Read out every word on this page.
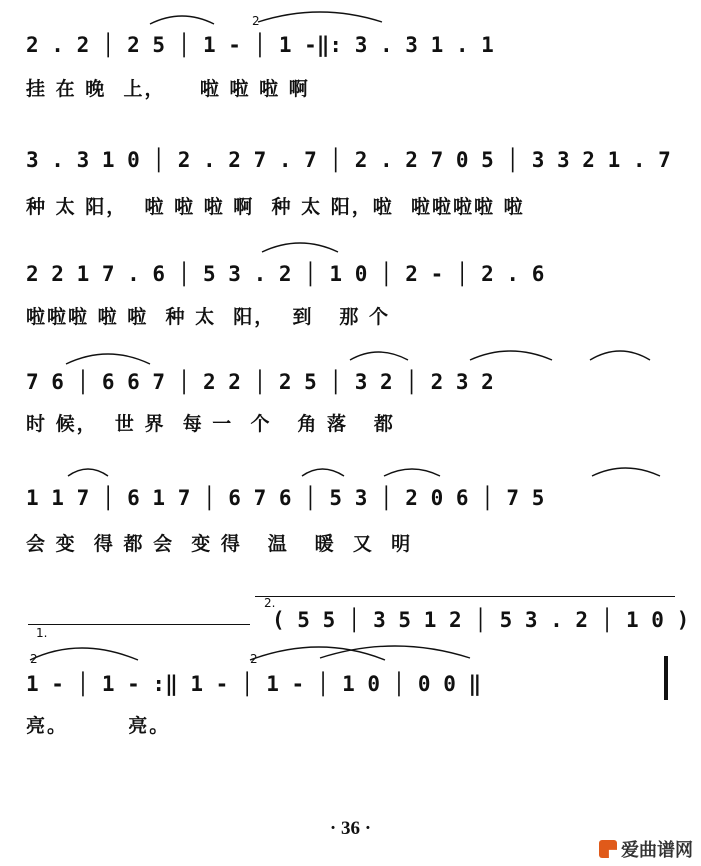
2 . 2 │ 2 5 │ 1 - │ 1 -‖: 3 . 3 1 . 1
挂 在 晚  上，    啦 啦 啦 啊
3 . 3 1 0 │ 2 . 2 7 . 7 │ 2 . 2 7 0 5 │ 3 3 2 1 . 7
种 太 阳，  啦 啦 啦 啊  种 太 阳，啦  啦啦啦啦 啦
2 2 1 7 . 6 │ 5 3 . 2 │ 1 0 │ 2 - │ 2 . 6
啦啦啦 啦 啦  种 太  阳，  到   那 个
7 6 │ 6 6 7 │ 2 2 │ 2 5 │ 3 2 │ 2 3 2
时 候，  世 界  每 一  个   角 落   都
1 1 7 │ 6 1 7 │ 6 7 6 │ 5 3 │ 2 0 6 │ 7 5
会 变  得 都 会  变 得   温   暖  又  明
2.
1.
( 5 5 │ 3 5 1 2 │ 5 3 . 2 │ 1 0 )
1 - │ 1 - :‖ 1 - │ 1 - │ 1 0 │ 0 0 ‖
亮。       亮。
2
2	2
· 36 ·
爱曲谱网
